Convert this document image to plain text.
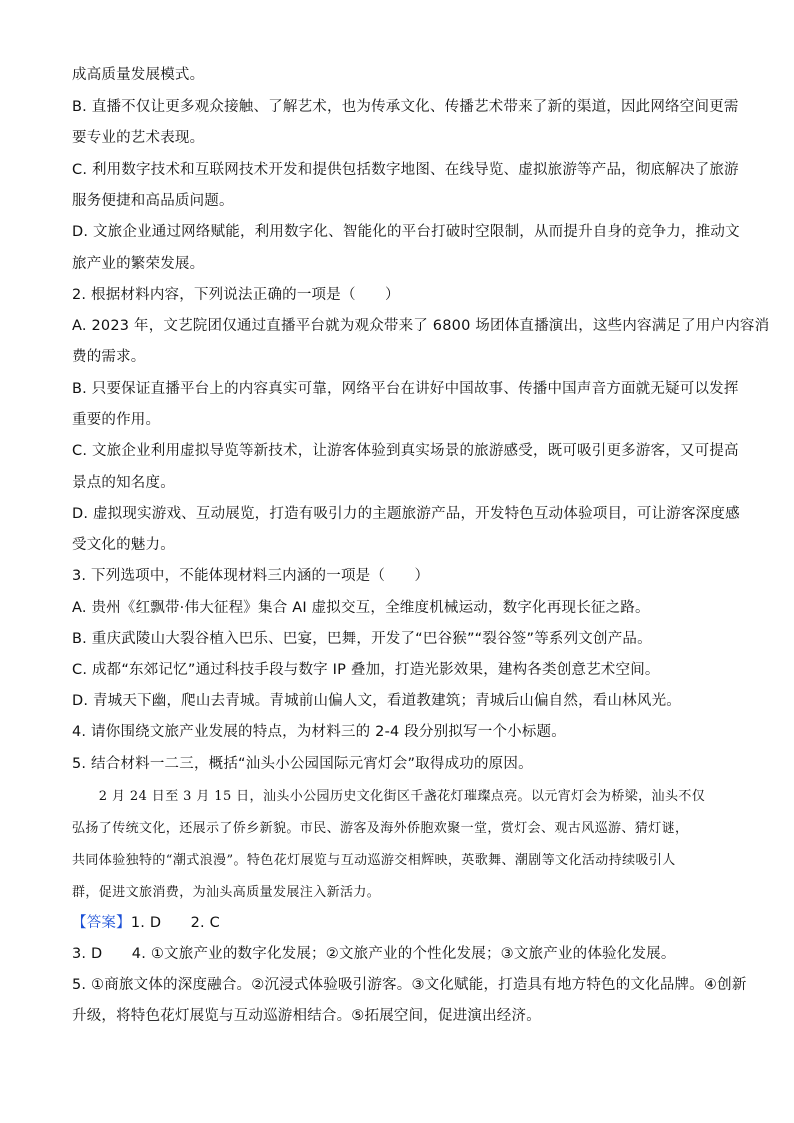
成高质量发展模式。
B. 直播不仅让更多观众接触、了解艺术，也为传承文化、传播艺术带来了新的渠道，因此网络空间更需
要专业的艺术表现。
C. 利用数字技术和互联网技术开发和提供包括数字地图、在线导览、虚拟旅游等产品，彻底解决了旅游
服务便捷和高品质问题。
D. 文旅企业通过网络赋能，利用数字化、智能化的平台打破时空限制，从而提升自身的竞争力，推动文
旅产业的繁荣发展。
2. 根据材料内容，下列说法正确的一项是（　　）
A. 2023 年，文艺院团仅通过直播平台就为观众带来了 6800 场团体直播演出，这些内容满足了用户内容消
费的需求。
B. 只要保证直播平台上的内容真实可靠，网络平台在讲好中国故事、传播中国声音方面就无疑可以发挥
重要的作用。
C. 文旅企业利用虚拟导览等新技术，让游客体验到真实场景的旅游感受，既可吸引更多游客，又可提高
景点的知名度。
D. 虚拟现实游戏、互动展览，打造有吸引力的主题旅游产品，开发特色互动体验项目，可让游客深度感
受文化的魅力。
3. 下列选项中，不能体现材料三内涵的一项是（　　）
A. 贵州《红飘带·伟大征程》集合 AI 虚拟交互，全维度机械运动，数字化再现长征之路。
B. 重庆武陵山大裂谷植入巴乐、巴宴，巴舞，开发了“巴谷猴”“裂谷签”等系列文创产品。
C. 成都“东郊记忆”通过科技手段与数字 IP 叠加，打造光影效果，建构各类创意艺术空间。
D. 青城天下幽，爬山去青城。青城前山偏人文，看道教建筑；青城后山偏自然，看山林风光。
4. 请你围绕文旅产业发展的特点，为材料三的 2-4 段分别拟写一个小标题。
5. 结合材料一二三，概括“汕头小公园国际元宵灯会”取得成功的原因。
　　2 月 24 日至 3 月 15 日，汕头小公园历史文化街区千盏花灯璀璨点亮。以元宵灯会为桥梁，汕头不仅
弘扬了传统文化，还展示了侨乡新貌。市民、游客及海外侨胞欢聚一堂，赏灯会、观古风巡游、猜灯谜，
共同体验独特的“潮式浪漫”。特色花灯展览与互动巡游交相辉映，英歌舞、潮剧等文化活动持续吸引人
群，促进文旅消费，为汕头高质量发展注入新活力。
【答案】1. D　　2. C
3. D　　4. ①文旅产业的数字化发展；②文旅产业的个性化发展；③文旅产业的体验化发展。
5. ①商旅文体的深度融合。②沉浸式体验吸引游客。③文化赋能，打造具有地方特色的文化品牌。④创新
升级，将特色花灯展览与互动巡游相结合。⑤拓展空间，促进演出经济。
